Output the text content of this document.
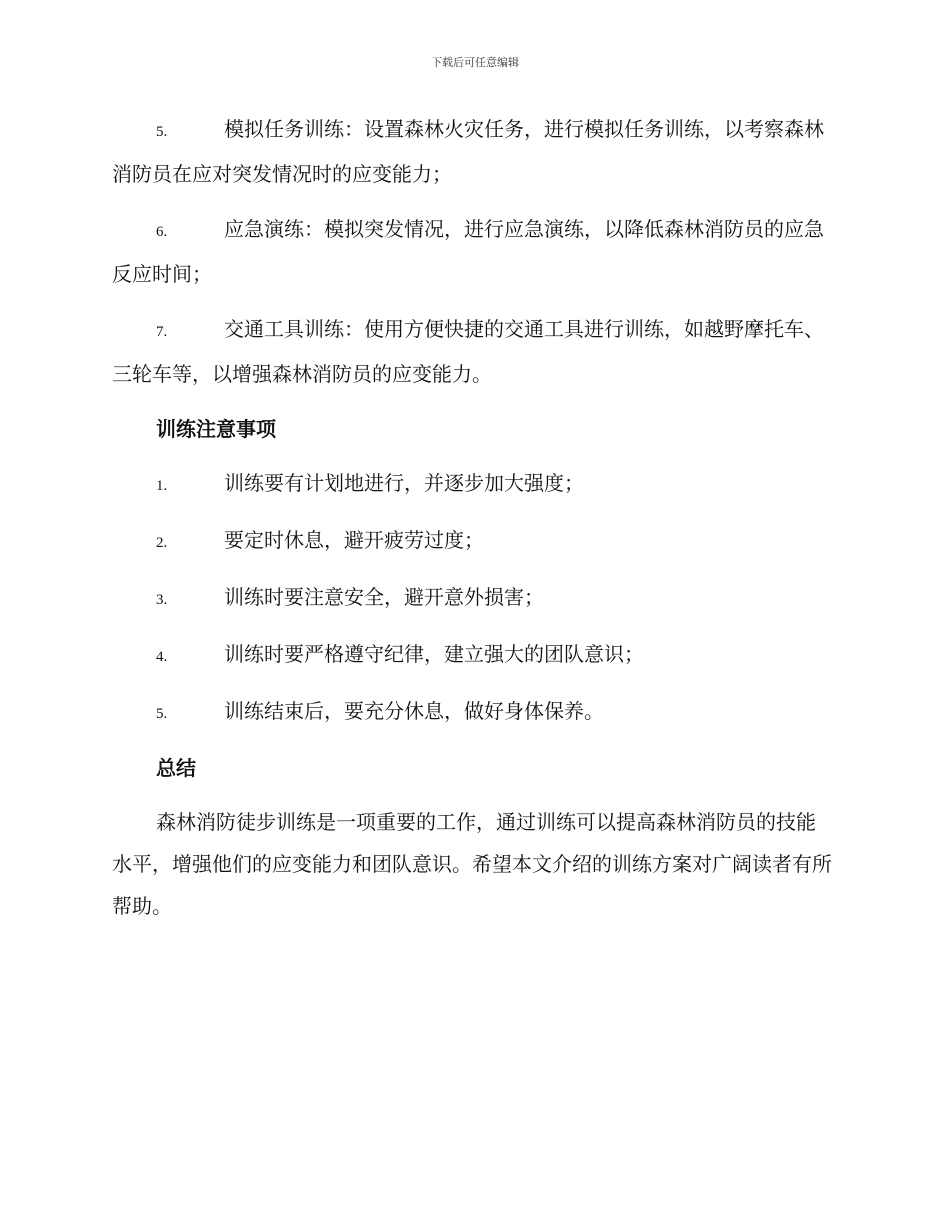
下载后可任意编辑
5.	模拟任务训练：设置森林火灾任务，进行模拟任务训练，以考察森林消防员在应对突发情况时的应变能力；
6.	应急演练：模拟突发情况，进行应急演练，以降低森林消防员的应急反应时间；
7.	交通工具训练：使用方便快捷的交通工具进行训练，如越野摩托车、三轮车等，以增强森林消防员的应变能力。
训练注意事项
1.	训练要有计划地进行，并逐步加大强度；
2.	要定时休息，避开疲劳过度；
3.	训练时要注意安全，避开意外损害；
4.	训练时要严格遵守纪律，建立强大的团队意识；
5.	训练结束后，要充分休息，做好身体保养。
总结

森林消防徒步训练是一项重要的工作，通过训练可以提高森林消防员的技能水平，增强他们的应变能力和团队意识。希望本文介绍的训练方案对广阔读者有所帮助。
